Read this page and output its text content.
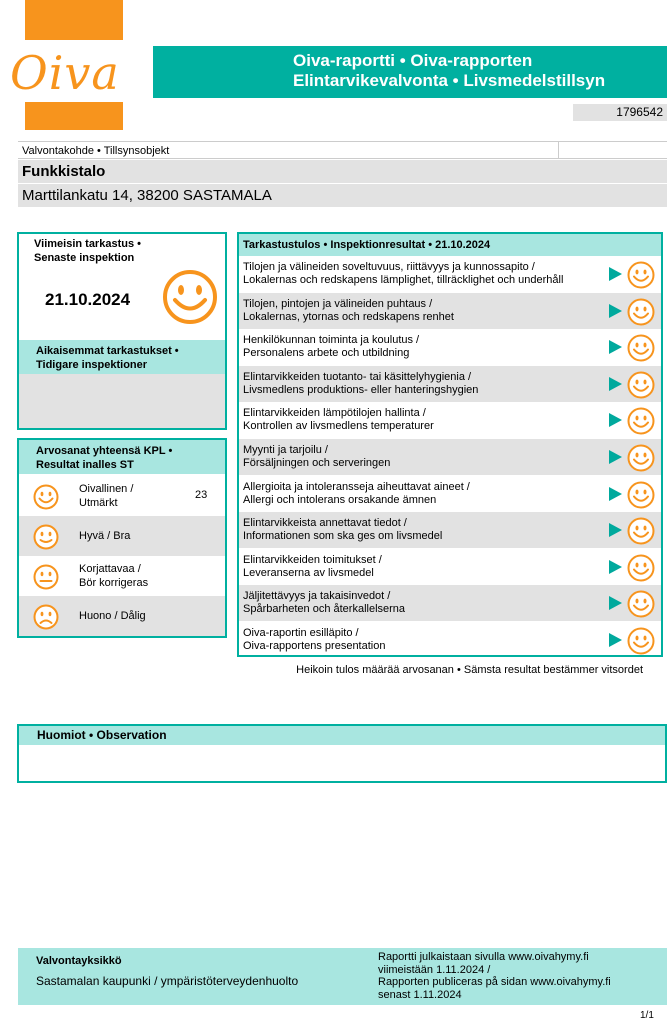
Oiva	Oiva-raportti • Oiva-rapporten
Elintarvikevalvonta • Livsmedelstillsyn
1796542
Valvontakohde • Tillsynsobjekt
Funkkistalo
Marttilankatu 14, 38200 SASTAMALA
Viimeisin tarkastus •
Senaste inspektion
21.10.2024
Aikaisemmat tarkastukset •
Tidigare inspektioner
Arvosanat yhteensä KPL •
Resultat inalles ST
Oivallinen /
Utmärkt
23
Hyvä / Bra
Korjattavaa /
Bör korrigeras
Huono / Dålig
Tarkastustulos • Inspektionresultat • 21.10.2024
Tilojen ja välineiden soveltuvuus, riittävyys ja kunnossapito /
Lokalernas och redskapens lämplighet, tillräcklighet och underhåll
Tilojen, pintojen ja välineiden puhtaus /
Lokalernas, ytornas och redskapens renhet
Henkilökunnan toiminta ja koulutus /
Personalens arbete och utbildning
Elintarvikkeiden tuotanto- tai käsittelyhygienia /
Livsmedlens produktions- eller hanteringshygien
Elintarvikkeiden lämpötilojen hallinta /
Kontrollen av livsmedlens temperaturer
Myynti ja tarjoilu /
Försäljningen och serveringen
Allergioita ja intoleransseja aiheuttavat aineet /
Allergi och intolerans orsakande ämnen
Elintarvikkeista annettavat tiedot /
Informationen som ska ges om livsmedel
Elintarvikkeiden toimitukset /
Leveranserna av livsmedel
Jäljitettävyys ja takaisinvedot /
Spårbarheten och återkallelserna
Oiva-raportin esilläpito /
Oiva-rapportens presentation
Heikoin tulos määrää arvosanan • Sämsta resultat bestämmer vitsordet
Huomiot • Observation
Valvontayksikkö
Sastamalan kaupunki / ympäristöterveydenhuolto
Raportti julkaistaan sivulla www.oivahymy.fi
viimeistään 1.11.2024 /
Rapporten publiceras på sidan www.oivahymy.fi
senast 1.11.2024
1/1
